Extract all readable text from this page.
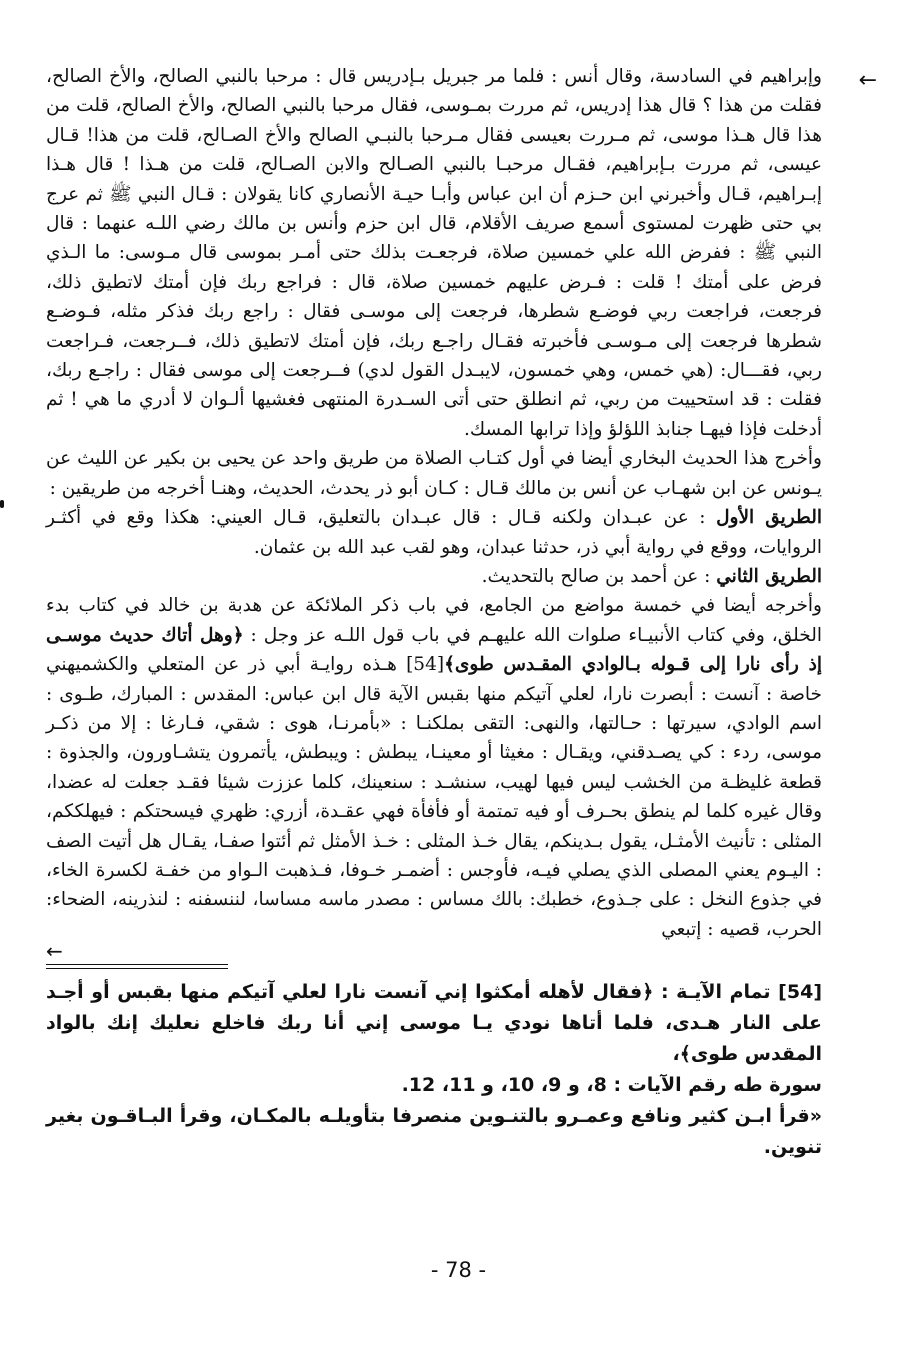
←

وإبراهيم في السادسة، وقال أنس : فلما مر جبريل بـإدريس قال : مرحبا بالنبي الصالح، والأخ الصالح، فقلت من هذا ؟ قال هذا إدريس، ثم مررت بمـوسى، فقال مرحبا بالنبي الصالح، والأخ الصالح، قلت من هذا قال هـذا موسى، ثم مـررت بعيسى فقال مـرحبا بالنبـي الصالح والأخ الصـالح، قلت من هذا! قـال عيسى، ثم مررت بـإبراهيم، فقـال مرحبـا بالنبي الصـالح والابن الصـالح، قلت من هـذا ! قال هـذا إبـراهيم، قـال وأخبرني ابن حـزم أن ابن عباس وأبـا حيـة الأنصاري كانا يقولان : قـال النبي ﷺ ثم عرج بي حتى ظهرت لمستوى أسمع صريف الأقلام، قال ابن حزم وأنس بن مالك رضي اللـه عنهما : قال النبي ﷺ : ففرض الله علي خمسين صلاة، فرجعـت بذلك حتى أمـر بموسى قال مـوسى: ما الـذي فرض على أمتك ! قلت : فـرض عليهم خمسين صلاة، قال : فراجع ربك فإن أمتك لاتطيق ذلك، فرجعت، فراجعت ربي فوضـع شطرها، فرجعت إلى موسـى فقال : راجع ربك فذكر مثله، فـوضـع شطرها فرجعت إلى مـوسـى فأخبرته فقـال راجـع ربك، فإن أمتك لاتطيق ذلك، فــرجعت، فـراجعت ربي، فقـــال: (هي خمس، وهي خمسون، لايبـدل القول لدي) فــرجعت إلى موسى فقال : راجـع ربك، فقلت : قد استحييت من ربي، ثم انطلق حتى أتى السـدرة المنتهى فغشيها ألـوان لا أدري ما هي ! ثم أدخلت فإذا فيهـا جنابذ اللؤلؤ وإذا ترابها المسك.

وأخرج هذا الحديث البخاري أيضا في أول كتـاب الصلاة من طريق واحد عن يحيى بن بكير عن الليث عن يـونس عن ابن شهـاب عن أنس بن مالك قـال : كـان أبو ذر يحدث، الحديث، وهنـا أخرجه من طريقين :

الطريق الأول : عن عبـدان ولكنه قـال : قال عبـدان بالتعليق، قـال العيني: هكذا وقع في أكثـر الروايات، ووقع في رواية أبي ذر، حدثنا عبدان، وهو لقب عبد الله بن عثمان.

الطريق الثاني : عن أحمد بن صالح بالتحديث.

وأخرجه أيضا في خمسة مواضع من الجامع، في باب ذكر الملائكة عن هدبة بن خالد في كتاب بدء الخلق، وفي كتاب الأنبيـاء صلوات الله عليهـم في باب قول اللـه عز وجل : ﴿وهل أتاك حديث موسـى إذ رأى نارا إلى قـوله بـالوادي المقـدس طوى﴾[54] هـذه روايـة أبي ذر عن المتعلي والكشميهني خاصة : آنست : أبصرت نارا، لعلي آتيكم منها بقبس الآية قال ابن عباس: المقدس : المبارك، طـوى : اسم الوادي، سيرتها : حـالتها، والنهى: التقى بملكنـا : «بأمرنـا، هوى : شقي، فـارغا : إلا من ذكـر موسى، ردء : كي يصـدقني، ويقـال : مغيثا أو معينـا، يبطش : ويبطش، يأتمرون يتشـاورون، والجذوة : قطعة غليظـة من الخشب ليس فيها لهيب، سنشـد : سنعينك، كلما عززت شيئا فقـد جعلت له عضدا، وقال غيره كلما لم ينطق بحـرف أو فيه تمتمة أو فأفأة فهي عقـدة، أزري: ظهري فيسحتكم : فيهلككم، المثلى : تأنيث الأمثـل، يقول بـدينكم، يقال خـذ المثلى : خـذ الأمثل ثم أئتوا صفـا، يقـال هل أتيت الصف : اليـوم يعني المصلى الذي يصلي فيـه، فأوجس : أضمـر خـوفا، فـذهبت الـواو من خفـة لكسرة الخاء، في جذوع النخل : على جـذوع، خطبك: بالك مساس : مصدر ماسه مساسا، لننسفنه : لنذرينه، الضحاء: الحرب، قصيه : إتبعي

←

[54] تمام الآيـة : ﴿فقال لأهله أمكثوا إني آنست نارا لعلي آتيكم منها بقبس أو أجـد على النار هـدى، فلما أتاها نودي يـا موسى إني أنا ربك فاخلع نعليك إنك بالواد المقدس طوى﴾،

سورة طه رقم الآيات : 8، و 9، 10، و 11، 12.

«قرأ ابـن كثير ونافع وعمـرو بالتنـوين منصرفا بتأويلـه بالمكـان، وقرأ البـاقـون بغير تنوين.

- 78 -
